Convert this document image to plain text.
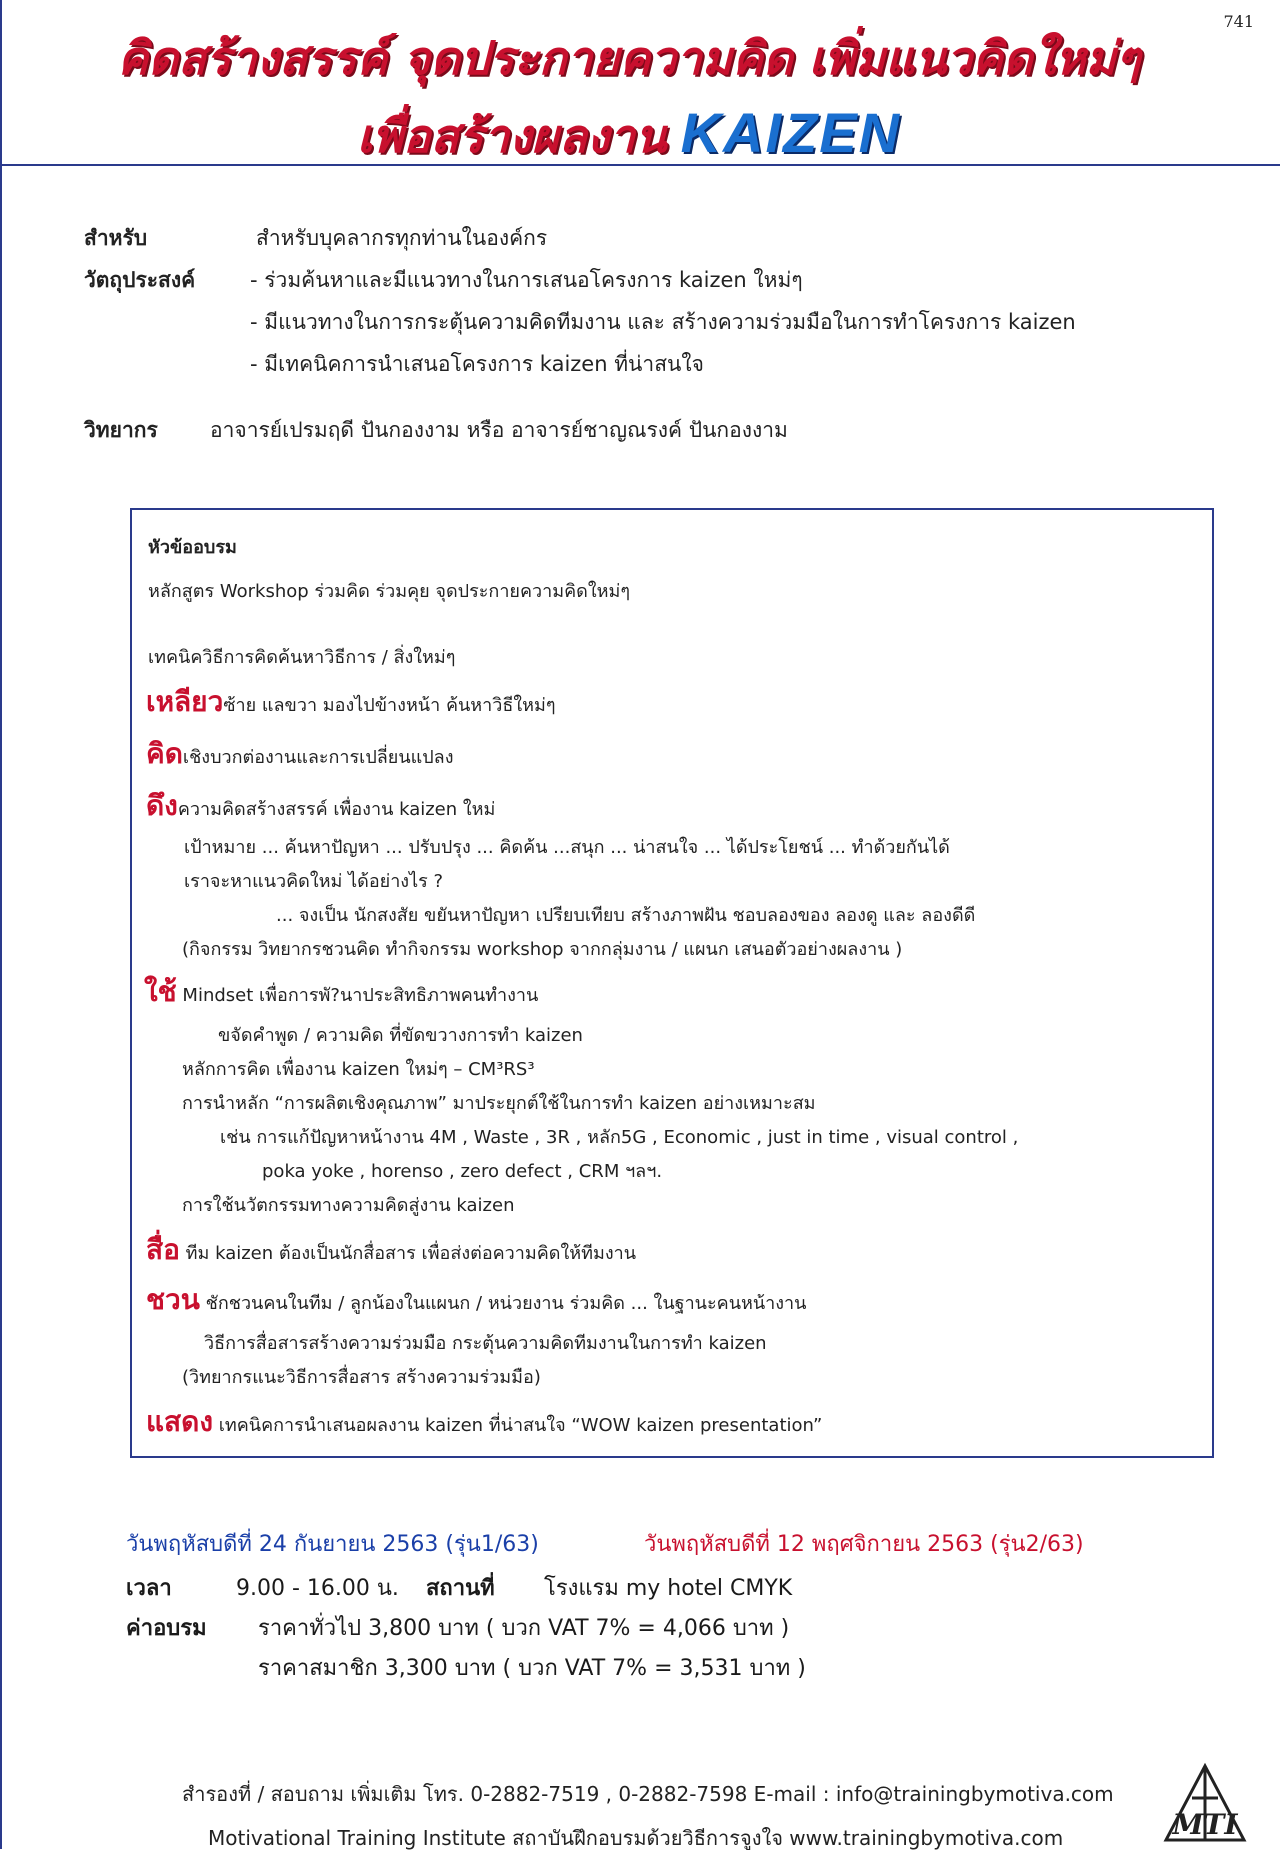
741
คิดสร้างสรรค์ จุดประกายความคิด เพิ่มแนวคิดใหม่ๆ
เพื่อสร้างผลงาน KAIZEN
สำหรับ	สำหรับบุคลากรทุกท่านในองค์กร
วัตถุประสงค์	- ร่วมค้นหาและมีแนวทางในการเสนอโครงการ kaizen ใหม่ๆ
- มีแนวทางในการกระตุ้นความคิดทีมงาน และ สร้างความร่วมมือในการทำโครงการ kaizen
- มีเทคนิคการนำเสนอโครงการ kaizen ที่น่าสนใจ
วิทยากร อาจารย์เปรมฤดี ปันกองงาม หรือ อาจารย์ชาญณรงค์ ปันกองงาม
หัวข้ออบรม
หลักสูตร Workshop ร่วมคิด ร่วมคุย จุดประกายความคิดใหม่ๆ
เทคนิควิธีการคิดค้นหาวิธีการ / สิ่งใหม่ๆ
เหลียวซ้าย แลขวา มองไปข้างหน้า ค้นหาวิธีใหม่ๆ
คิดเชิงบวกต่องานและการเปลี่ยนแปลง
ดึงความคิดสร้างสรรค์ เพื่องาน kaizen ใหม่
เป้าหมาย ... ค้นหาปัญหา ... ปรับปรุง ... คิดค้น ...สนุก ... น่าสนใจ ... ได้ประโยชน์ ... ทำด้วยกันได้
เราจะหาแนวคิดใหม่ ได้อย่างไร ?
... จงเป็น นักสงสัย ขยันหาปัญหา เปรียบเทียบ สร้างภาพฝัน ชอบลองของ ลองดู และ ลองดีดี
(กิจกรรม วิทยากรชวนคิด ทำกิจกรรม workshop จากกลุ่มงาน / แผนก เสนอตัวอย่างผลงาน )
ใช้ Mindset เพื่อการพั?นาประสิทธิภาพคนทำงาน
ขจัดคำพูด / ความคิด ที่ขัดขวางการทำ kaizen
หลักการคิด เพื่องาน kaizen ใหม่ๆ – CM³RS³
การนำหลัก “การผลิตเชิงคุณภาพ” มาประยุกต์ใช้ในการทำ kaizen อย่างเหมาะสม
เช่น การแก้ปัญหาหน้างาน 4M , Waste , 3R , หลัก5G , Economic , just in time , visual control ,
poka yoke , horenso , zero defect , CRM ฯลฯ.
การใช้นวัตกรรมทางความคิดสู่งาน kaizen
สื่อ ทีม kaizen ต้องเป็นนักสื่อสาร เพื่อส่งต่อความคิดให้ทีมงาน
ชวน ชักชวนคนในทีม / ลูกน้องในแผนก / หน่วยงาน ร่วมคิด ... ในฐานะคนหน้างาน
วิธีการสื่อสารสร้างความร่วมมือ กระตุ้นความคิดทีมงานในการทำ kaizen
(วิทยากรแนะวิธีการสื่อสาร สร้างความร่วมมือ)
แสดง เทคนิคการนำเสนอผลงาน kaizen ที่น่าสนใจ “WOW kaizen presentation”
วันพฤหัสบดีที่ 24 กันยายน 2563 (รุ่น1/63)	วันพฤหัสบดีที่ 12 พฤศจิกายน 2563 (รุ่น2/63)
เวลา	9.00 - 16.00 น. สถานที่ โรงแรม my hotel CMYK
ค่าอบรม ราคาทั่วไป 3,800 บาท ( บวก VAT 7% = 4,066 บาท )
ราคาสมาชิก 3,300 บาท ( บวก VAT 7% = 3,531 บาท )
สำรองที่ / สอบถาม เพิ่มเติม โทร. 0-2882-7519 , 0-2882-7598 E-mail : info@trainingbymotiva.com
Motivational Training Institute สถาบันฝึกอบรมด้วยวิธีการจูงใจ www.trainingbymotiva.com	MTI
